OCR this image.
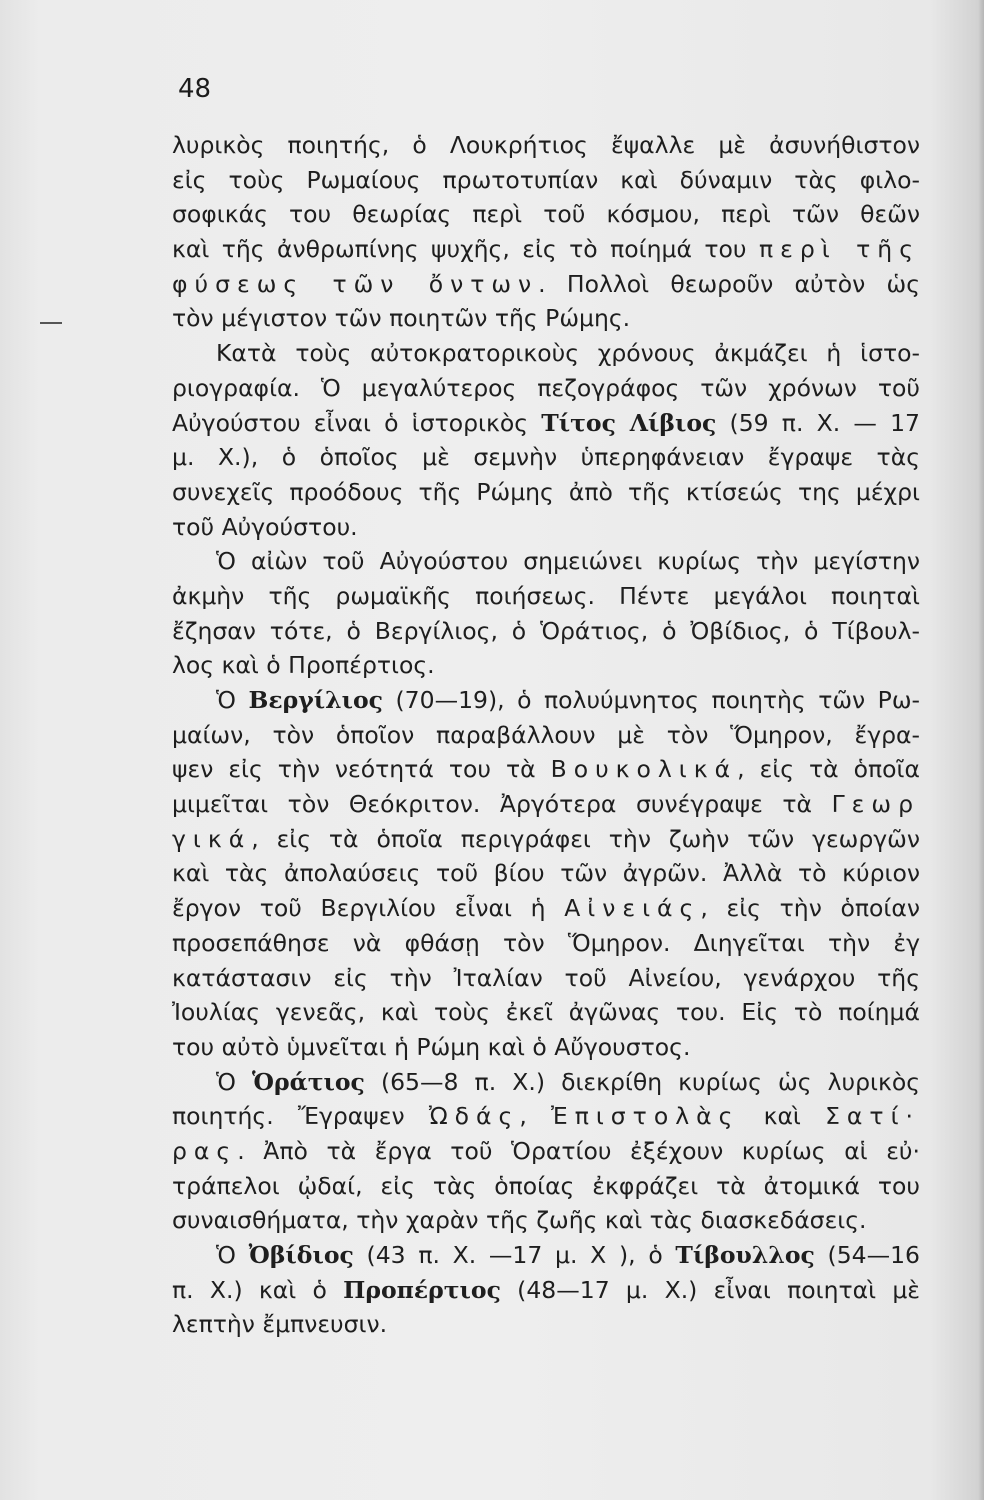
48
λυρικὸς ποιητής, ὁ Λουκρήτιος ἔψαλλε μὲ ἀσυνήθιστον
εἰς τοὺς Ρωμαίους πρωτοτυπίαν καὶ δύναμιν τὰς φιλο-
σοφικάς του θεωρίας περὶ τοῦ κόσμου, περὶ τῶν θεῶν
καὶ τῆς ἀνθρωπίνης ψυχῆς, εἰς τὸ ποίημά του περὶ τῆς
φύσεως τῶν ὄντων. Πολλοὶ θεωροῦν αὐτὸν ὡς
τὸν μέγιστον τῶν ποιητῶν τῆς Ρώμης.
Κατὰ τοὺς αὐτοκρατορικοὺς χρόνους ἀκμάζει ἡ ἱστο-
ριογραφία. Ὁ μεγαλύτερος πεζογράφος τῶν χρόνων τοῦ
Αὐγούστου εἶναι ὁ ἱστορικὸς Τίτος Λίβιος (59 π. Χ. — 17
μ. Χ.), ὁ ὁποῖος μὲ σεμνὴν ὑπερηφάνειαν ἔγραψε τὰς
συνεχεῖς προόδους τῆς Ρώμης ἀπὸ τῆς κτίσεώς της μέχρι
τοῦ Αὐγούστου.
Ὁ αἰὼν τοῦ Αὐγούστου σημειώνει κυρίως τὴν μεγίστην
ἀκμὴν τῆς ρωμαϊκῆς ποιήσεως. Πέντε μεγάλοι ποιηταὶ
ἔζησαν τότε, ὁ Βεργίλιος, ὁ Ὁράτιος, ὁ Ὀβίδιος, ὁ Τίβουλ-
λος καὶ ὁ Προπέρτιος.
Ὁ Βεργίλιος (70—19), ὁ πολυύμνητος ποιητὴς τῶν Ρω-
μαίων, τὸν ὁποῖον παραβάλλουν μὲ τὸν Ὅμηρον, ἔγρα-
ψεν εἰς τὴν νεότητά του τὰ Βουκολικά, εἰς τὰ ὁποῖα
μιμεῖται τὸν Θεόκριτον. Ἀργότερα συνέγραψε τὰ Γεωρ
γικά, εἰς τὰ ὁποῖα περιγράφει τὴν ζωὴν τῶν γεωργῶν
καὶ τὰς ἀπολαύσεις τοῦ βίου τῶν ἀγρῶν. Ἀλλὰ τὸ κύριον
ἔργον τοῦ Βεργιλίου εἶναι ἡ Αἰνειάς, εἰς τὴν ὁποίαν
προσεπάθησε νὰ φθάσῃ τὸν Ὅμηρον. Διηγεῖται τὴν ἐγ
κατάστασιν εἰς τὴν Ἰταλίαν τοῦ Αἰνείου, γενάρχου τῆς
Ἰουλίας γενεᾶς, καὶ τοὺς ἐκεῖ ἀγῶνας του. Εἰς τὸ ποίημά
του αὐτὸ ὑμνεῖται ἡ Ρώμη καὶ ὁ Αὔγουστος.
Ὁ Ὁράτιος (65—8 π. Χ.) διεκρίθη κυρίως ὡς λυρικὸς
ποιητής. Ἔγραψεν Ὠδάς, Ἐπιστολὰς καὶ Σατί·
ρας. Ἀπὸ τὰ ἔργα τοῦ Ὁρατίου ἐξέχουν κυρίως αἱ εὐ·
τράπελοι ᾠδαί, εἰς τὰς ὁποίας ἐκφράζει τὰ ἀτομικά του
συναισθήματα, τὴν χαρὰν τῆς ζωῆς καὶ τὰς διασκεδάσεις.
Ὁ Ὀβίδιος (43 π. Χ. —17 μ. Χ ), ὁ Τίβουλλος (54—16
π. Χ.) καὶ ὁ Προπέρτιος (48—17 μ. Χ.) εἶναι ποιηταὶ μὲ
λεπτὴν ἔμπνευσιν.
